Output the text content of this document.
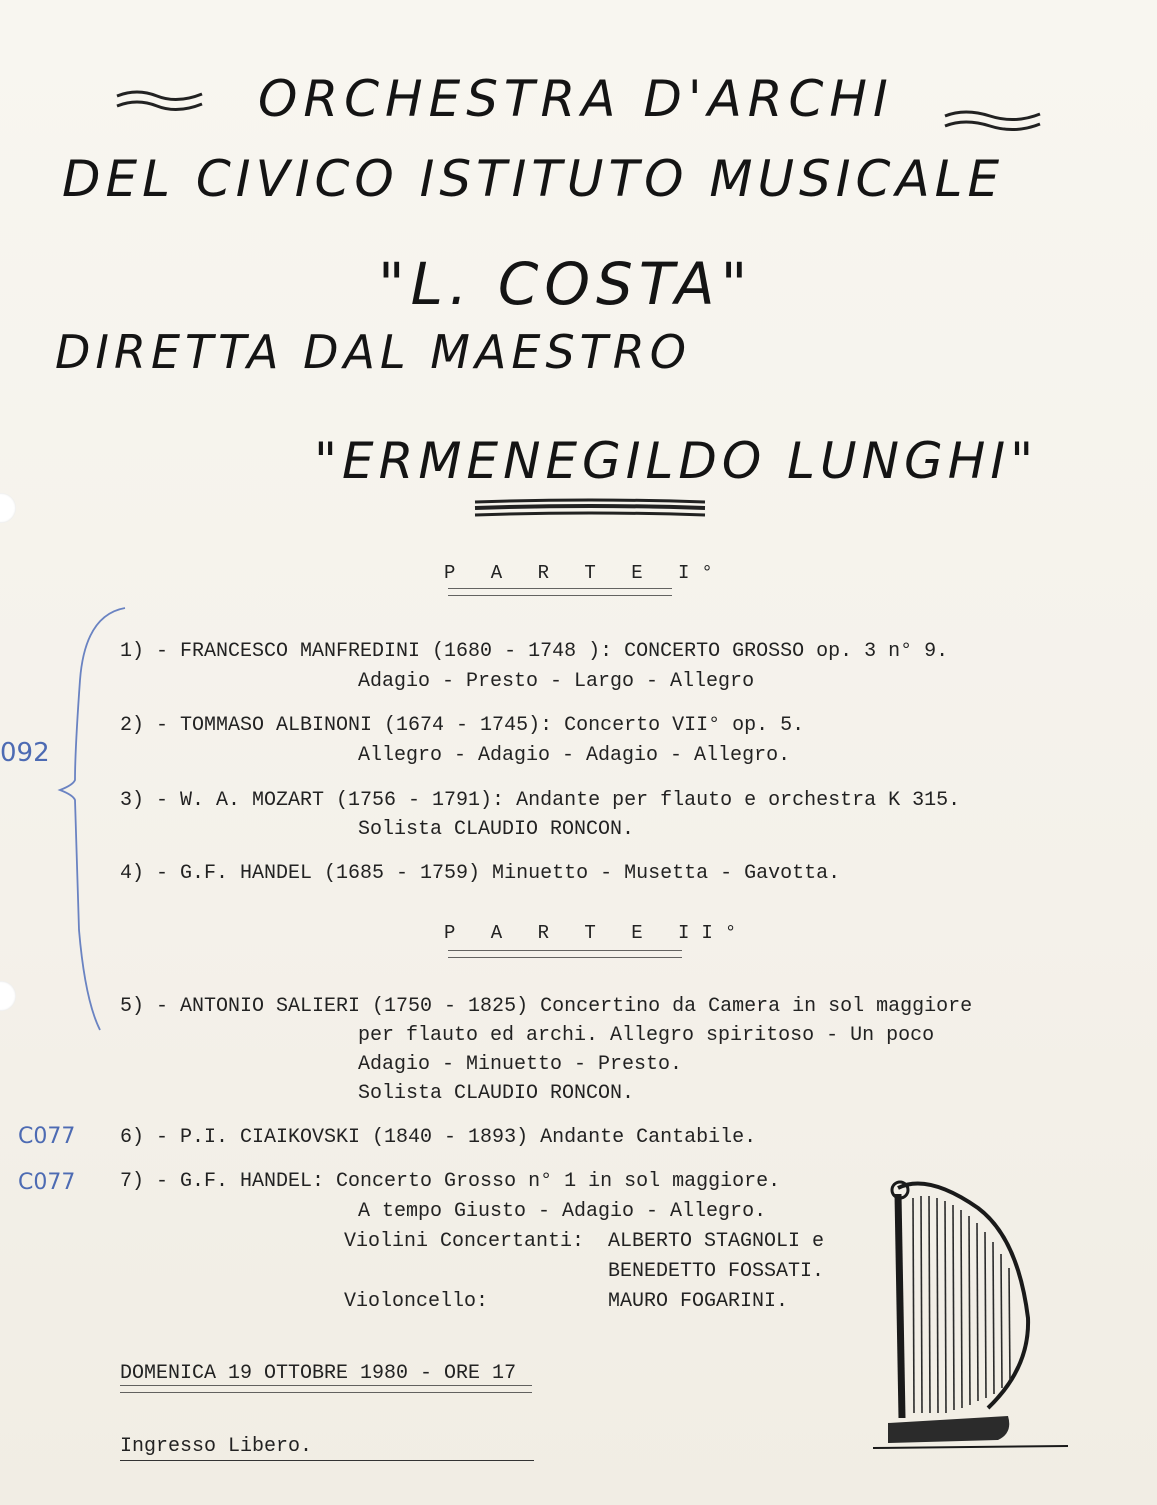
ORCHESTRA D'ARCHI
DEL CIVICO ISTITUTO MUSICALE
"L. COSTA"
DIRETTA DAL MAESTRO
"ERMENEGILDO LUNGHI"
P A R T E I°
1) - FRANCESCO MANFREDINI (1680 - 1748 ): CONCERTO GROSSO op. 3 n° 9.
Adagio - Presto - Largo - Allegro
2) - TOMMASO ALBINONI (1674 - 1745): Concerto VII° op. 5.
Allegro - Adagio - Adagio - Allegro.
3) - W. A. MOZART (1756 - 1791): Andante per flauto e orchestra K 315.
Solista CLAUDIO RONCON.
4) - G.F. HANDEL (1685 - 1759) Minuetto - Musetta - Gavotta.
P A R T E II°
5) - ANTONIO SALIERI (1750 - 1825) Concertino da Camera in sol maggiore
per flauto ed archi. Allegro spiritoso - Un poco
Adagio - Minuetto - Presto.
Solista CLAUDIO RONCON.
6) - P.I. CIAIKOVSKI (1840 - 1893) Andante Cantabile.
7) - G.F. HANDEL: Concerto Grosso n° 1 in sol maggiore.
A tempo Giusto - Adagio - Allegro.
Violini Concertanti: ALBERTO STAGNOLI e
BENEDETTO FOSSATI.
Violoncello:	MAURO FOGARINI.
DOMENICA 19 OTTOBRE 1980 - ORE 17
Ingresso Libero.
092
C077
C077
